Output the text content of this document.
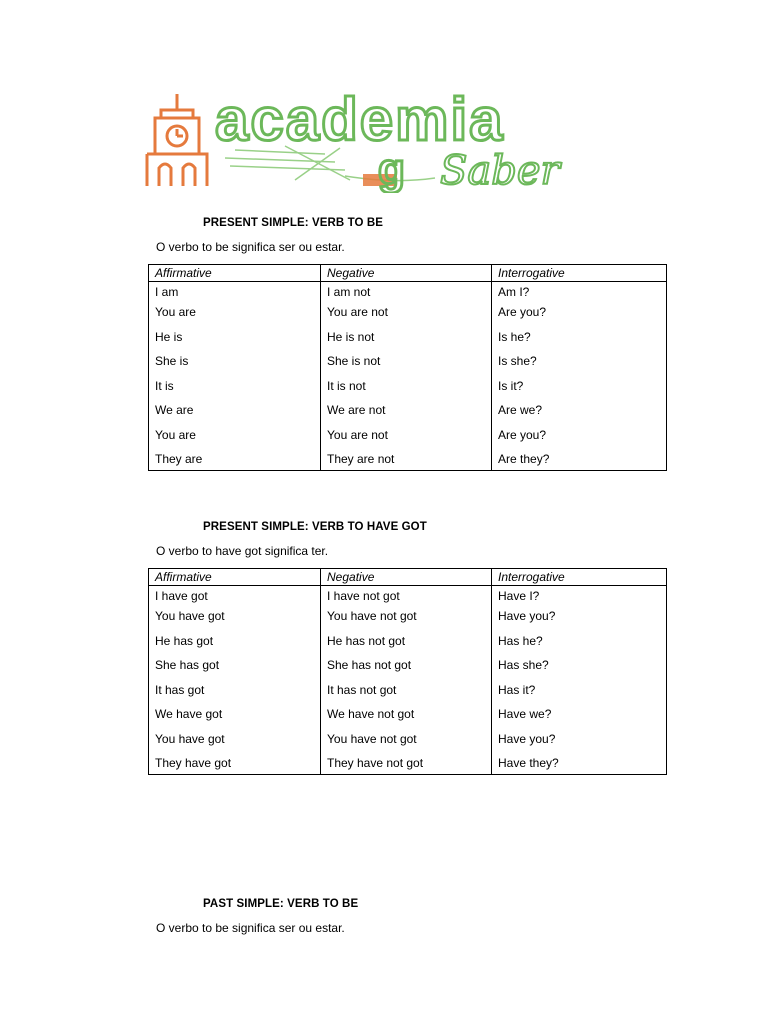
academia
g Saber
PRESENT SIMPLE: VERB TO BE
O verbo to be significa ser ou estar.
Affirmative	Negative	Interrogative
I am	I am not	Am I?
You are	You are not	Are you?
He is	He is not	Is he?
She is	She is not	Is she?
It is	It is not	Is it?
We are	We are not	Are we?
You are	You are not	Are you?
They are	They are not	Are they?
PRESENT SIMPLE: VERB TO HAVE GOT
O verbo to have got significa ter.
Affirmative	Negative	Interrogative
I have got	I have not got	Have I?
You have got	You have not got	Have you?
He has got	He has not got	Has he?
She has got	She has not got	Has she?
It has got	It has not got	Has it?
We have got	We have not got	Have we?
You have got	You have not got	Have you?
They have got	They have not got	Have they?
PAST SIMPLE: VERB TO BE
O verbo to be significa ser ou estar.
